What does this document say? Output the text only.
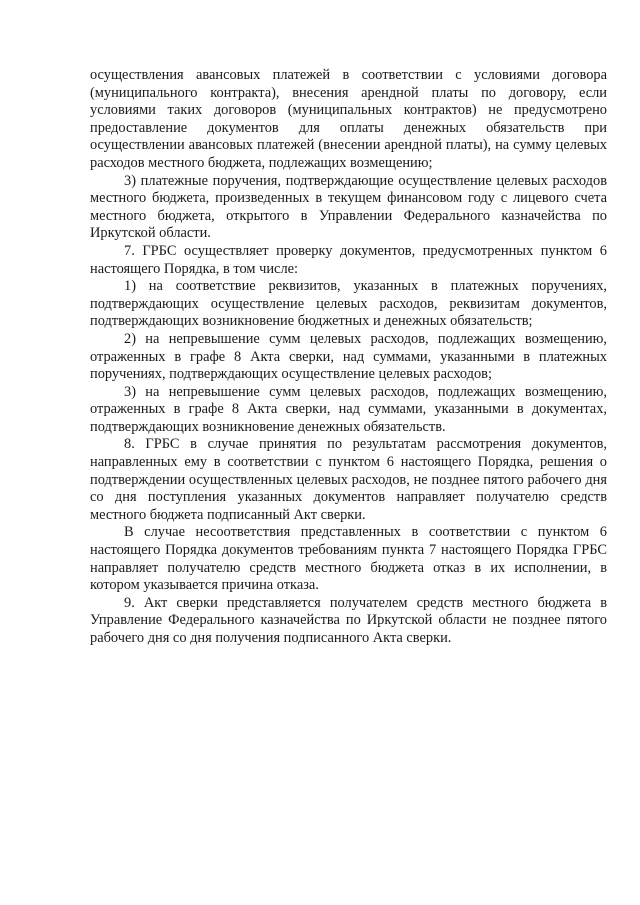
осуществления авансовых платежей в соответствии с условиями договора (муниципального контракта), внесения арендной платы по договору, если условиями таких договоров (муниципальных контрактов) не предусмотрено предоставление документов для оплаты денежных обязательств при осуществлении авансовых платежей (внесении арендной платы), на сумму целевых расходов местного бюджета, подлежащих возмещению;

3) платежные поручения, подтверждающие осуществление целевых расходов местного бюджета, произведенных в текущем финансовом году с лицевого счета местного бюджета, открытого в Управлении Федерального казначейства по Иркутской области.

7. ГРБС осуществляет проверку документов, предусмотренных пунктом 6 настоящего Порядка, в том числе:

1) на соответствие реквизитов, указанных в платежных поручениях, подтверждающих осуществление целевых расходов, реквизитам документов, подтверждающих возникновение бюджетных и денежных обязательств;

2) на непревышение сумм целевых расходов, подлежащих возмещению, отраженных в графе 8 Акта сверки, над суммами, указанными в платежных поручениях, подтверждающих осуществление целевых расходов;

3) на непревышение сумм целевых расходов, подлежащих возмещению, отраженных в графе 8 Акта сверки, над суммами, указанными в документах, подтверждающих возникновение денежных обязательств.

8. ГРБС в случае принятия по результатам рассмотрения документов, направленных ему в соответствии с пунктом 6 настоящего Порядка, решения о подтверждении осуществленных целевых расходов, не позднее пятого рабочего дня со дня поступления указанных документов направляет получателю средств местного бюджета подписанный Акт сверки.

В случае несоответствия представленных в соответствии с пунктом 6 настоящего Порядка документов требованиям пункта 7 настоящего Порядка ГРБС направляет получателю средств местного бюджета отказ в их исполнении, в котором указывается причина отказа.

9. Акт сверки представляется получателем средств местного бюджета в Управление Федерального казначейства по Иркутской области не позднее пятого рабочего дня со дня получения подписанного Акта сверки.
